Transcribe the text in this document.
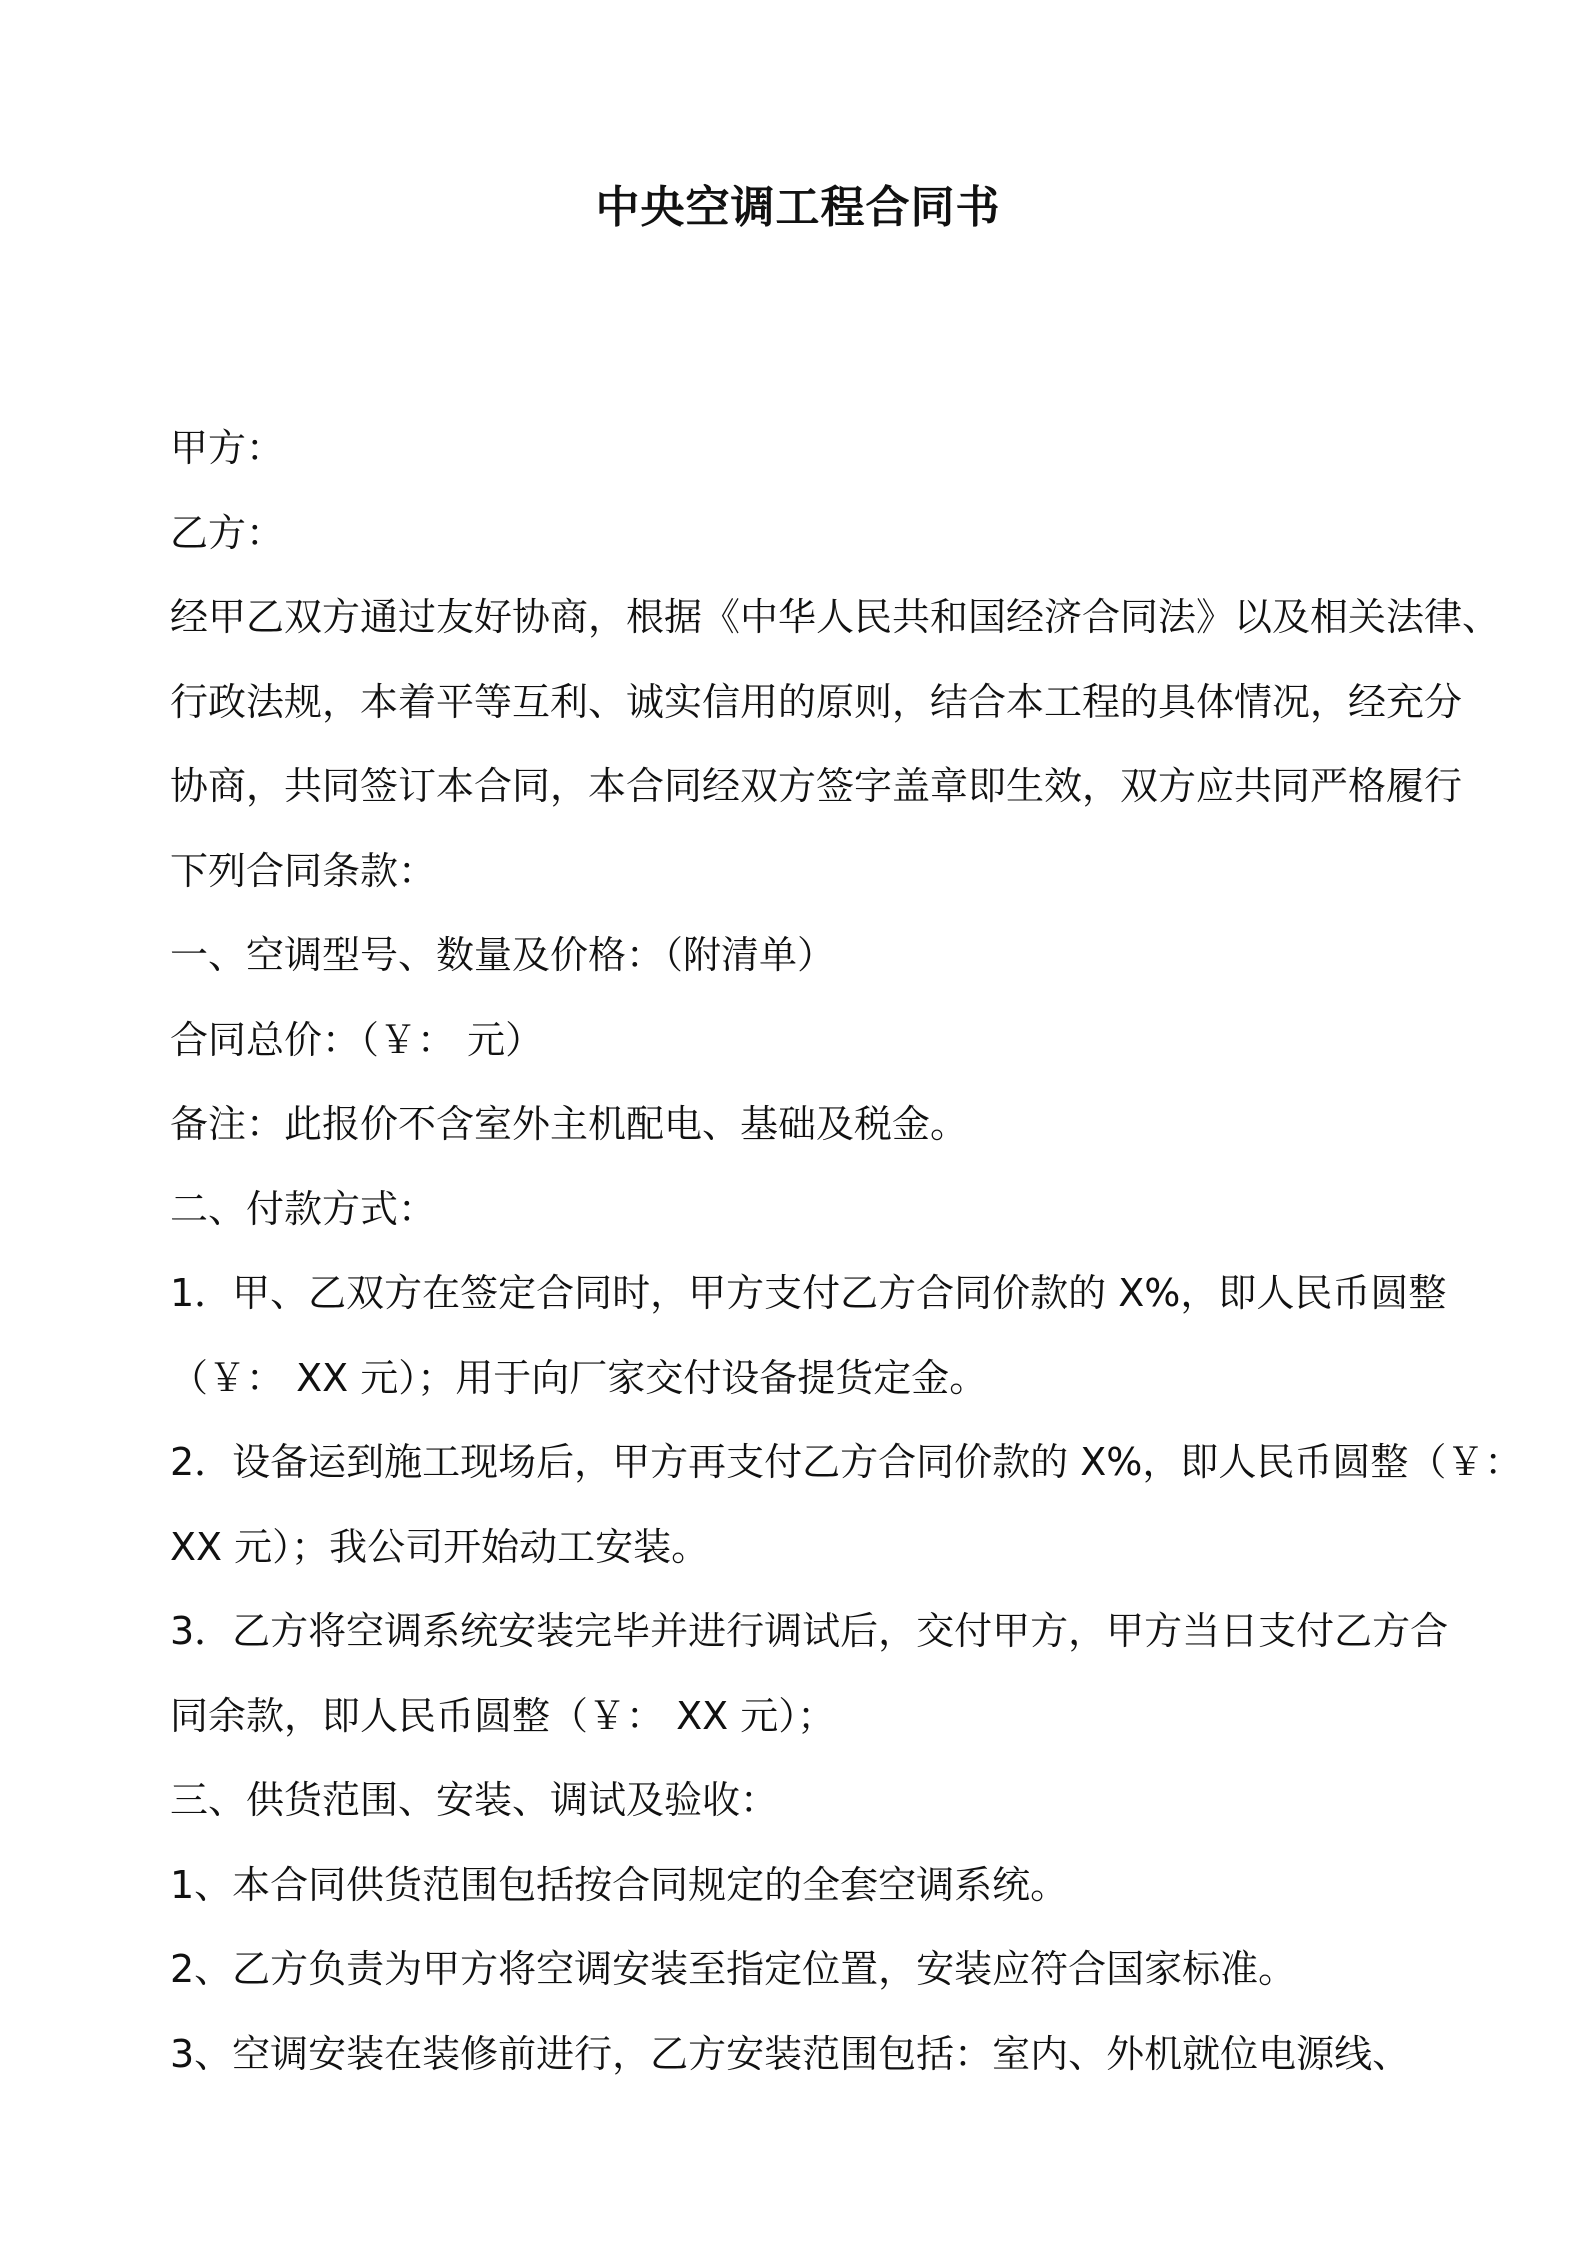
中央空调工程合同书
甲方：
乙方：
经甲乙双方通过友好协商，根据《中华人民共和国经济合同法》以及相关法律、
行政法规，本着平等互利、诚实信用的原则，结合本工程的具体情况，经充分
协商，共同签订本合同，本合同经双方签字盖章即生效，双方应共同严格履行
下列合同条款：
一、空调型号、数量及价格：（附清单）
合同总价：（￥： 元）
备注：此报价不含室外主机配电、基础及税金。
二、付款方式：
1．甲、乙双方在签定合同时，甲方支付乙方合同价款的 X%，即人民币圆整
（￥： XX 元）；用于向厂家交付设备提货定金。
2．设备运到施工现场后，甲方再支付乙方合同价款的 X%，即人民币圆整（￥：
XX 元）；我公司开始动工安装。
3．乙方将空调系统安装完毕并进行调试后，交付甲方，甲方当日支付乙方合
同余款，即人民币圆整（￥： XX 元）；
三、供货范围、安装、调试及验收：
1、本合同供货范围包括按合同规定的全套空调系统。
2、乙方负责为甲方将空调安装至指定位置，安装应符合国家标准。
3、空调安装在装修前进行，乙方安装范围包括：室内、外机就位电源线、
